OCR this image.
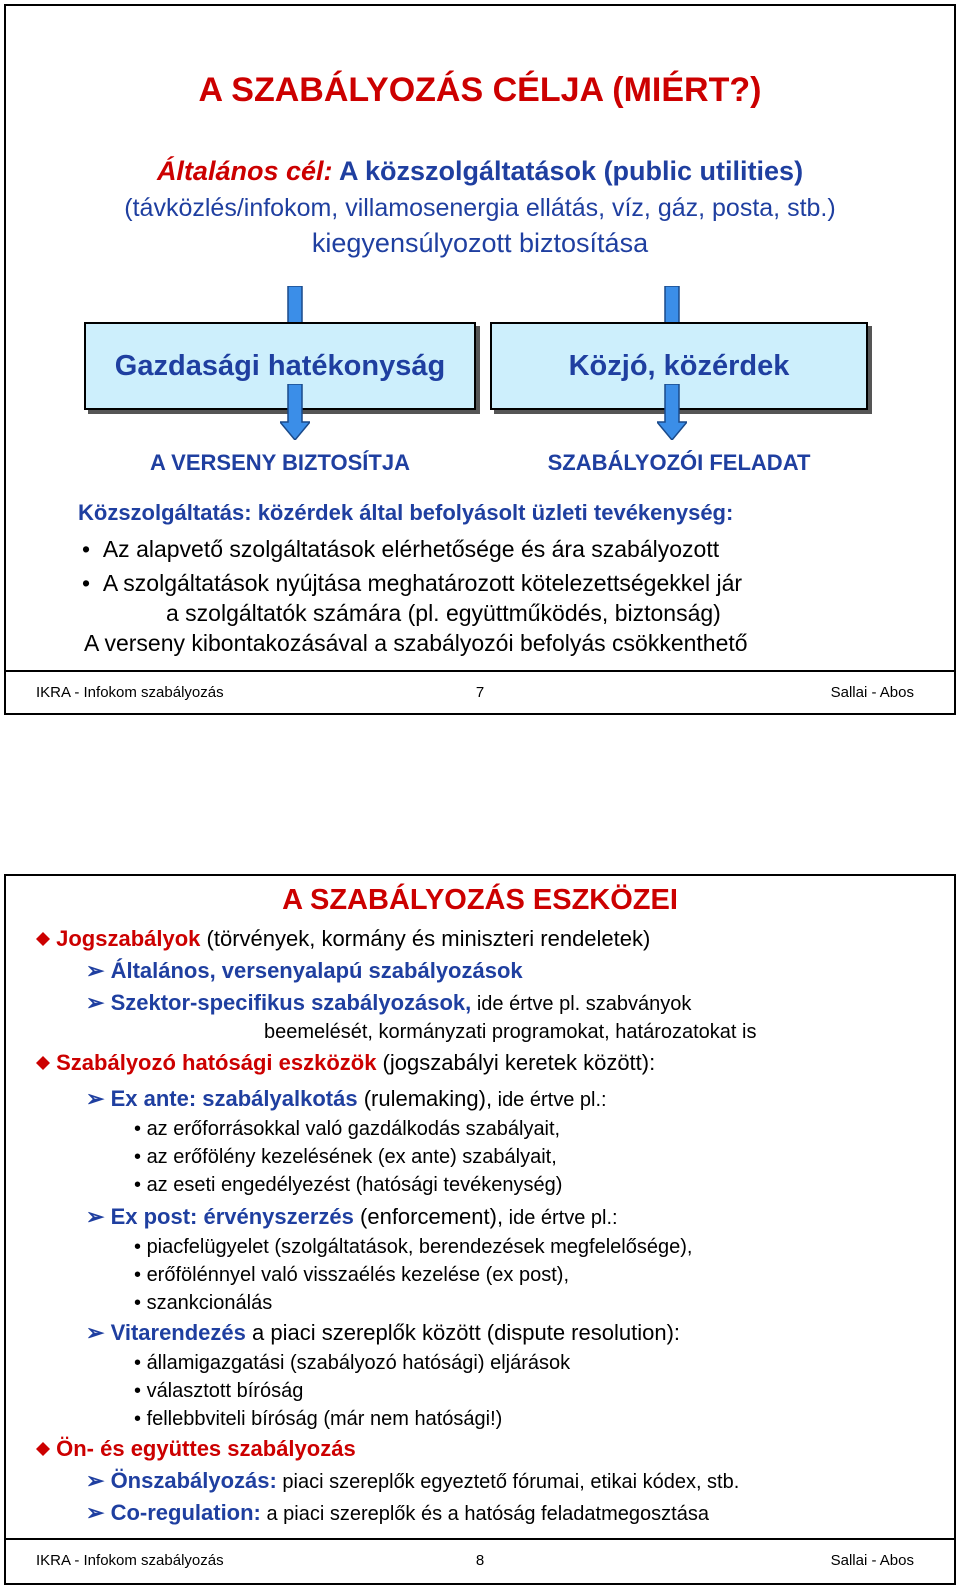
A SZABÁLYOZÁS CÉLJA (MIÉRT?)
Általános cél: A közszolgáltatások (public utilities)
(távközlés/infokom, villamosenergia ellátás, víz, gáz, posta, stb.)
kiegyensúlyozott biztosítása
Gazdasági hatékonyság	Közjó, közérdek
A VERSENY BIZTOSÍTJA	SZABÁLYOZÓI FELADAT
Közszolgáltatás: közérdek által befolyásolt üzleti tevékenység:
• Az alapvető szolgáltatások elérhetősége és ára szabályozott
• A szolgáltatások nyújtása meghatározott kötelezettségekkel jár
a szolgáltatók számára (pl. együttműködés, biztonság)
A verseny kibontakozásával a szabályozói befolyás csökkenthető
IKRA - Infokom szabályozás	7	Sallai - Abos
A SZABÁLYOZÁS ESZKÖZEI
Jogszabályok (törvények, kormány és miniszteri rendeletek)
➢ Általános, versenyalapú szabályozások
➢ Szektor-specifikus szabályozások, ide értve pl. szabványok
beemelését, kormányzati programokat, határozatokat is
Szabályozó hatósági eszközök (jogszabályi keretek között):
➢ Ex ante: szabályalkotás (rulemaking), ide értve pl.:
• az erőforrásokkal való gazdálkodás szabályait,
• az erőfölény kezelésének (ex ante) szabályait,
• az eseti engedélyezést (hatósági tevékenység)
➢ Ex post: érvényszerzés (enforcement), ide értve pl.:
• piacfelügyelet (szolgáltatások, berendezések megfelelősége),
• erőfölénnyel való visszaélés kezelése (ex post),
• szankcionálás
➢ Vitarendezés a piaci szereplők között (dispute resolution):
• államigazgatási (szabályozó hatósági) eljárások
• választott bíróság
• fellebbviteli bíróság (már nem hatósági!)
Ön- és együttes szabályozás
➢ Önszabályozás: piaci szereplők egyeztető fórumai, etikai kódex, stb.
➢ Co-regulation: a piaci szereplők és a hatóság feladatmegosztása
IKRA - Infokom szabályozás	8	Sallai - Abos
